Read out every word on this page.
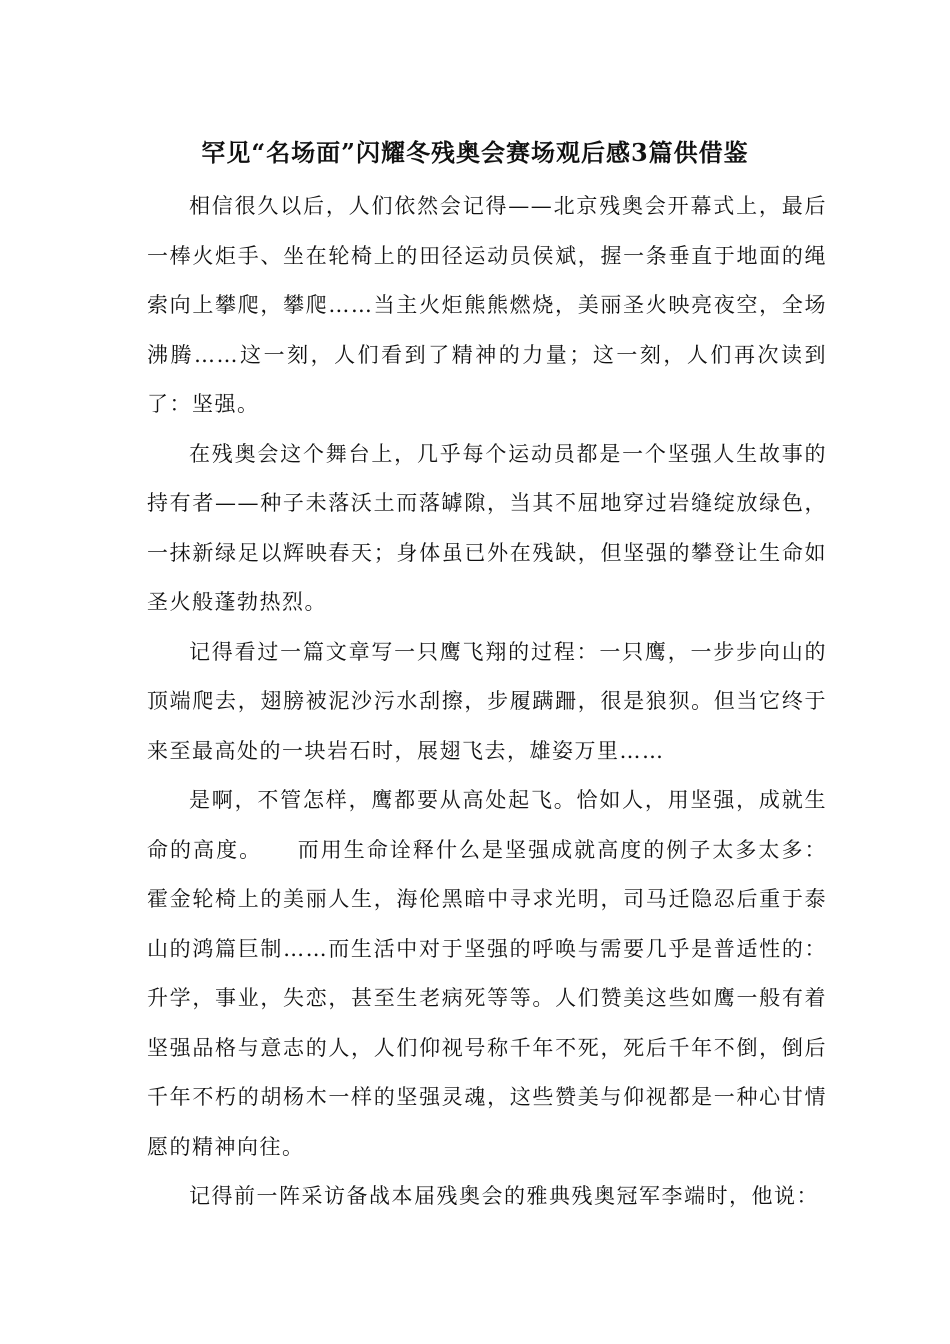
罕见“名场面”闪耀冬残奥会赛场观后感3篇供借鉴

相信很久以后，人们依然会记得——北京残奥会开幕式上，最后一棒火炬手、坐在轮椅上的田径运动员侯斌，握一条垂直于地面的绳索向上攀爬，攀爬……当主火炬熊熊燃烧，美丽圣火映亮夜空，全场沸腾……这一刻，人们看到了精神的力量；这一刻，人们再次读到了：坚强。

在残奥会这个舞台上，几乎每个运动员都是一个坚强人生故事的持有者——种子未落沃土而落罅隙，当其不屈地穿过岩缝绽放绿色，一抹新绿足以辉映春天；身体虽已外在残缺，但坚强的攀登让生命如圣火般蓬勃热烈。

记得看过一篇文章写一只鹰飞翔的过程：一只鹰，一步步向山的顶端爬去，翅膀被泥沙污水刮擦，步履蹒跚，很是狼狈。但当它终于来至最高处的一块岩石时，展翅飞去，雄姿万里……

是啊，不管怎样，鹰都要从高处起飞。恰如人，用坚强，成就生命的高度。　　而用生命诠释什么是坚强成就高度的例子太多太多：霍金轮椅上的美丽人生，海伦黑暗中寻求光明，司马迁隐忍后重于泰山的鸿篇巨制……而生活中对于坚强的呼唤与需要几乎是普适性的：升学，事业，失恋，甚至生老病死等等。人们赞美这些如鹰一般有着坚强品格与意志的人，人们仰视号称千年不死，死后千年不倒，倒后千年不朽的胡杨木一样的坚强灵魂，这些赞美与仰视都是一种心甘情愿的精神向往。

记得前一阵采访备战本届残奥会的雅典残奥冠军李端时，他说：
